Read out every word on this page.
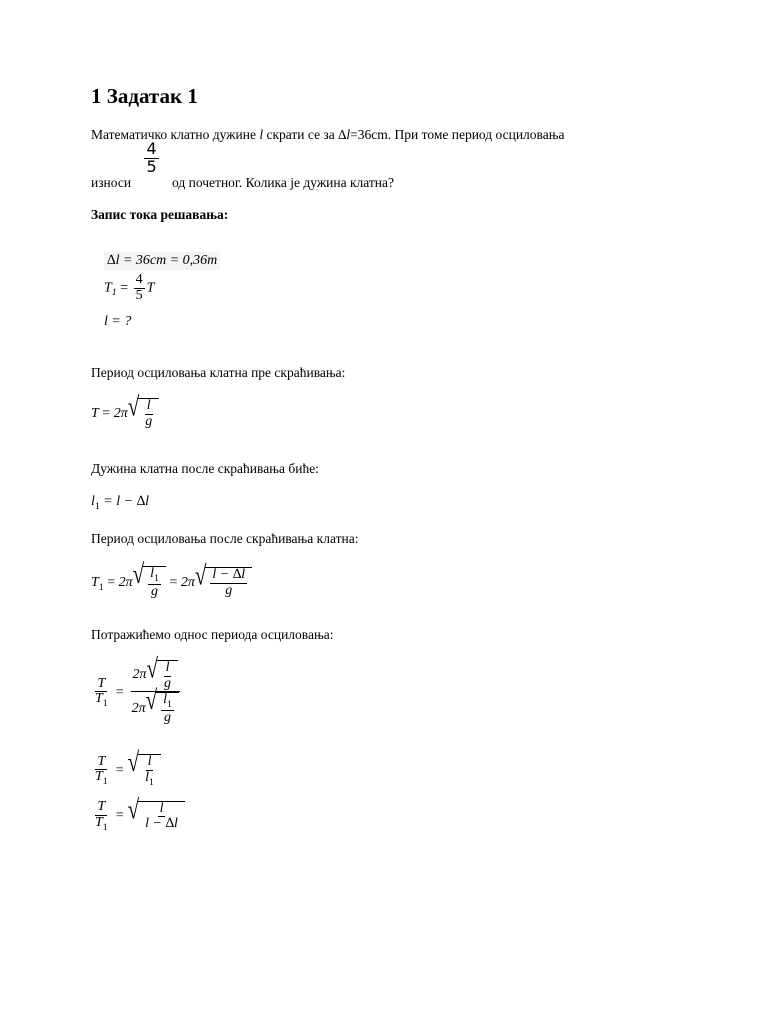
1 Задатак 1
Математичко клатно дужине l скрати се за ∆l=36cm. При томе период осциловања
износи
$\frac{4}{5}$
од почетног. Колика је дужина клатна?
Запис тока решавања:
∆l = 36cm = 0,36m
$T_1 = \frac{4}{5}$ T
l = ?
Период осциловања клатна пре скраћивања:
T = 2π √ $\frac{l}{g}$
Дужина клатна после скраћивања биће:
$l_1 = l - \Delta l$
Период осциловања после скраћивања клатна:
$T_1 = 2\pi$ √ $\frac{l_1}{g} = 2\pi$ √ $\frac{l - \Delta l}{g}$
Потражићемо однос периода осциловања:
$\frac{T}{T_1} = \frac{2\pi √ \frac{l}{g}}{2\pi √ \frac{l_1}{g}}$
$\frac{T}{T_1}$ = √ $\frac{l}{l_1}$
$\frac{T}{T_1}$ = √ $\frac{l}{l - \Delta l}$
